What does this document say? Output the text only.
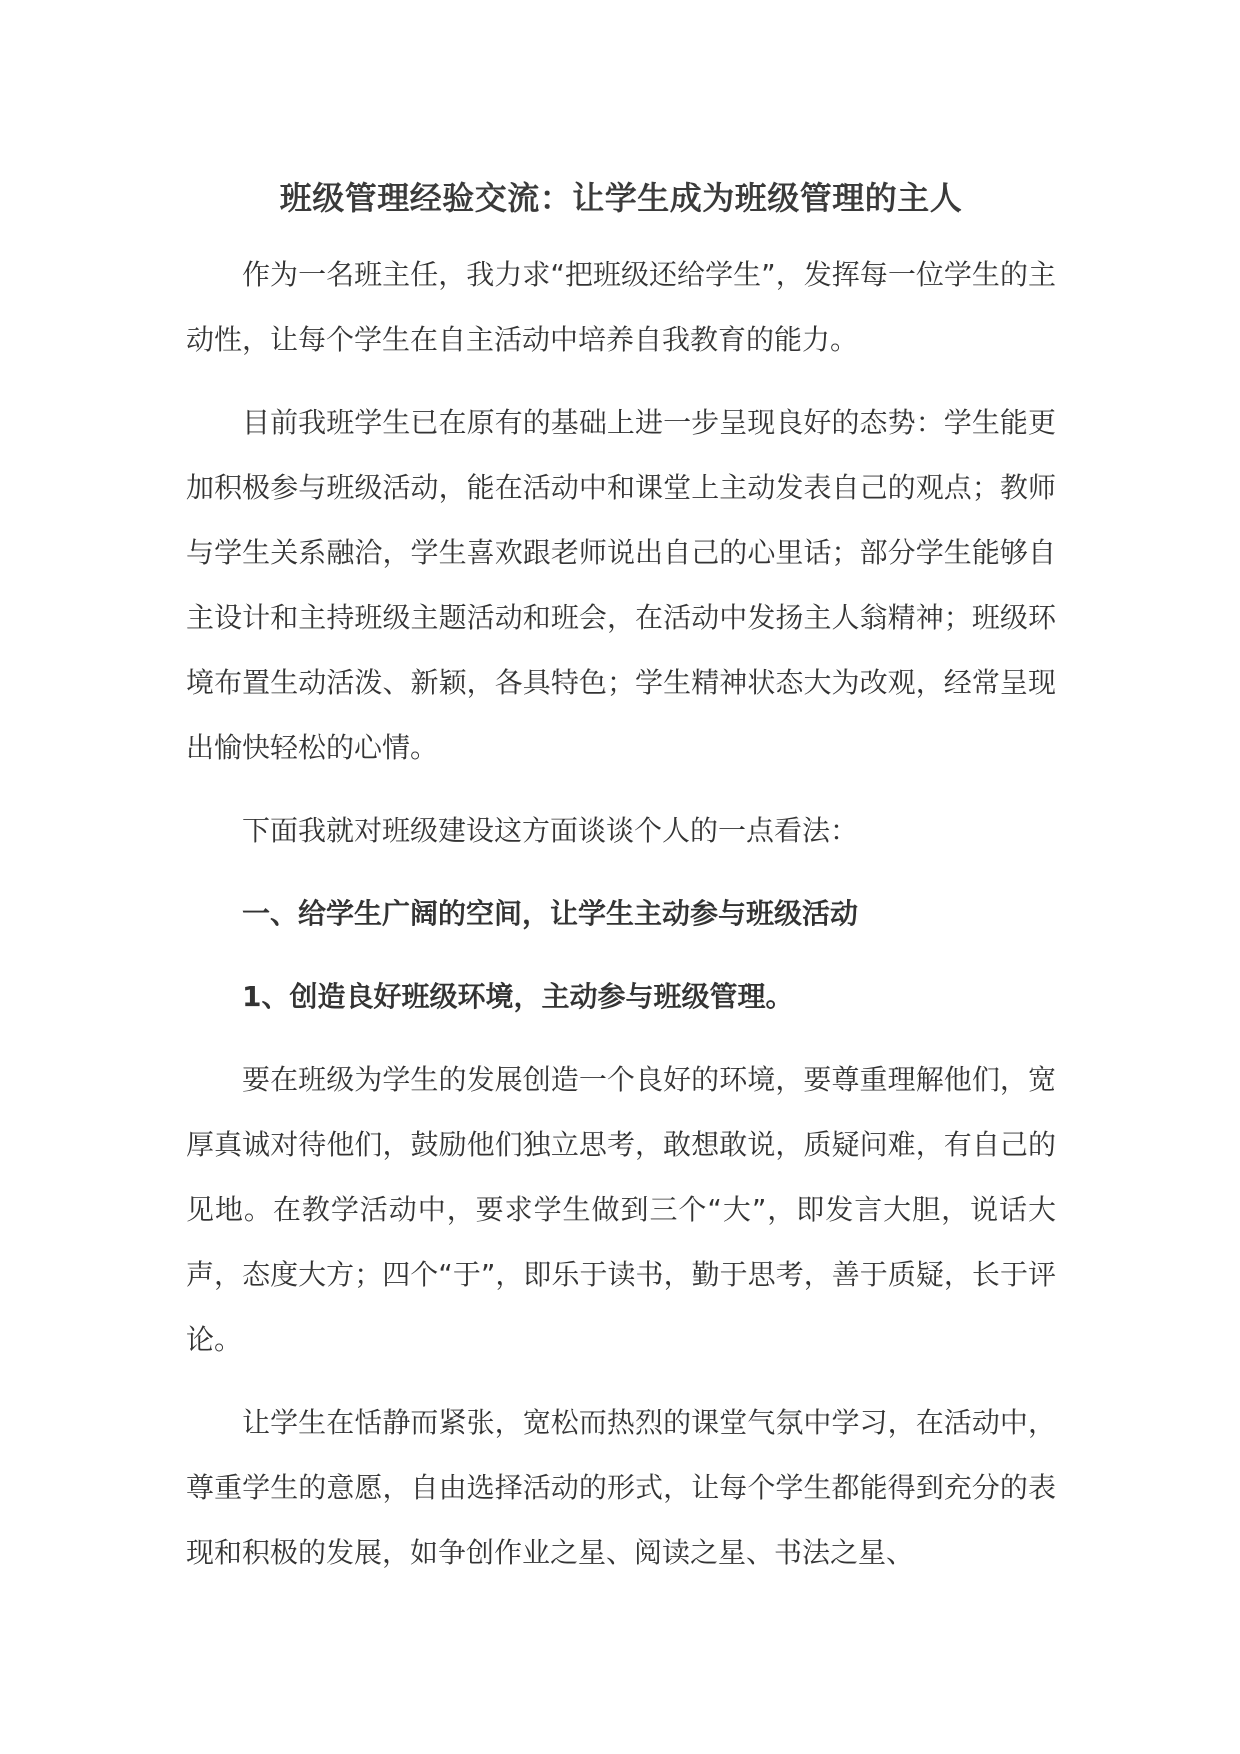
班级管理经验交流：让学生成为班级管理的主人

作为一名班主任，我力求“把班级还给学生”，发挥每一位学生的主动性，让每个学生在自主活动中培养自我教育的能力。

目前我班学生已在原有的基础上进一步呈现良好的态势：学生能更加积极参与班级活动，能在活动中和课堂上主动发表自己的观点；教师与学生关系融洽，学生喜欢跟老师说出自己的心里话；部分学生能够自主设计和主持班级主题活动和班会，在活动中发扬主人翁精神；班级环境布置生动活泼、新颖，各具特色；学生精神状态大为改观，经常呈现出愉快轻松的心情。

下面我就对班级建设这方面谈谈个人的一点看法：

一、给学生广阔的空间，让学生主动参与班级活动

1、创造良好班级环境，主动参与班级管理。

要在班级为学生的发展创造一个良好的环境，要尊重理解他们，宽厚真诚对待他们，鼓励他们独立思考，敢想敢说，质疑问难，有自己的见地。在教学活动中，要求学生做到三个“大”，即发言大胆，说话大声，态度大方；四个“于”，即乐于读书，勤于思考，善于质疑，长于评论。

让学生在恬静而紧张，宽松而热烈的课堂气氛中学习，在活动中，尊重学生的意愿，自由选择活动的形式，让每个学生都能得到充分的表现和积极的发展，如争创作业之星、阅读之星、书法之星、
